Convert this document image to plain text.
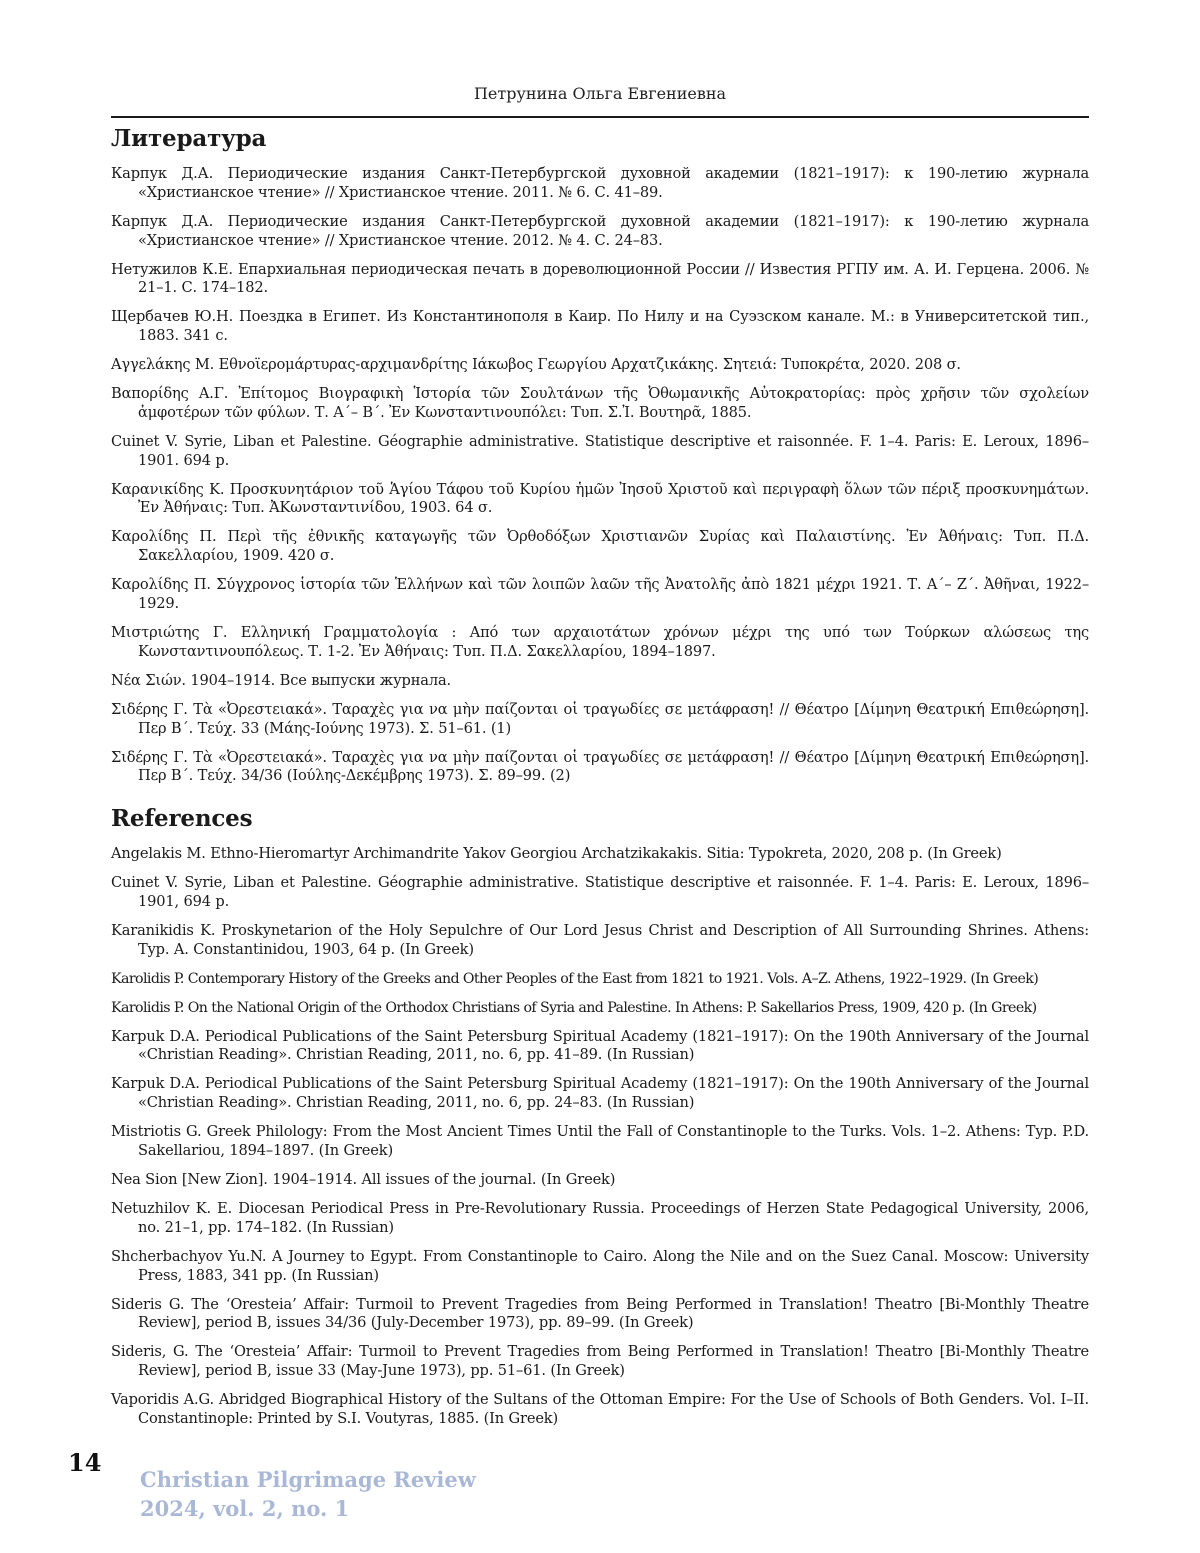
Петрунина Ольга Евгениевна
Литература
Карпук Д.А. Периодические издания Санкт-Петербургской духовной академии (1821–1917): к 190-летию журнала «Христианское чтение» // Христианское чтение. 2011. № 6. С. 41–89.
Карпук Д.А. Периодические издания Санкт-Петербургской духовной академии (1821–1917): к 190-летию журнала «Христианское чтение» // Христианское чтение. 2012. № 4. С. 24–83.
Нетужилов К.Е. Епархиальная периодическая печать в дореволюционной России // Известия РГПУ им. А. И. Герцена. 2006. № 21–1. С. 174–182.
Щербачев Ю.Н. Поездка в Египет. Из Константинополя в Каир. По Нилу и на Суэзском канале. М.: в Университетской тип., 1883. 341 с.
Αγγελάκης Μ. Εθνοϊερομάρτυρας-αρχιμανδρίτης Ιάκωβος Γεωργίου Αρχατζικάκης. Σητειά: Τυποκρέτα, 2020. 208 σ.
Βαπορίδης Α.Γ. Ἐπίτομος Βιογραφικὴ Ἱστορία τῶν Σουλτάνων τῆς Ὀθωμανικῆς Αὐτοκρατορίας: πρὸς χρῆσιν τῶν σχολείων ἀμφοτέρων τῶν φύλων. Τ. Α΄– Β΄. Ἐν Κωνσταντινουπόλει: Τυπ. Σ.Ἰ. Βουτηρᾶ, 1885.
Cuinet V. Syrie, Liban et Palestine. Géographie administrative. Statistique descriptive et raisonnée. F. 1–4. Paris: E. Leroux, 1896–1901. 694 p.
Καρανικίδης Κ. Προσκυνητάριον τοῦ Ἁγίου Τάφου τοῦ Κυρίου ἡμῶν Ἰησοῦ Χριστοῦ καὶ περιγραφὴ ὅλων τῶν πέριξ προσκυνημάτων. Ἐν Ἀθήναις: Τυπ. ἈΚωνσταντινίδου, 1903. 64 σ.
Καρολίδης Π. Περὶ τῆς ἐθνικῆς καταγωγῆς τῶν Ὀρθοδόξων Χριστιανῶν Συρίας καὶ Παλαιστίνης. Ἐν Ἀθήναις: Τυπ. Π.Δ. Σακελλαρίου, 1909. 420 σ.
Καρολίδης Π. Σύγχρονος ἱστορία τῶν Ἑλλήνων καὶ τῶν λοιπῶν λαῶν τῆς Ἀνατολῆς ἀπὸ 1821 μέχρι 1921. Τ. Α΄– Ζ΄. Ἀθῆναι, 1922–1929.
Μιστριώτης Γ. Ελληνική Γραμματολογία : Από των αρχαιοτάτων χρόνων μέχρι της υπό των Τούρκων αλώσεως της Κωνσταντινουπόλεως. Τ. 1-2. Ἐν Ἀθήναις: Τυπ. Π.Δ. Σακελλαρίου, 1894–1897.
Νέα Σιών. 1904–1914. Все выпуски журнала.
Σιδέρης Γ. Τὰ «Ὀρεστειακά». Ταραχὲς για να μὴν παίζονται οἱ τραγωδίες σε μετάφραση! // Θέατρο [Δίμηνη Θεατρική Επιθεώρηση]. Περ Β΄. Τεύχ. 33 (Μάης-Ιούνης 1973). Σ. 51–61. (1)
Σιδέρης Γ. Τὰ «Ὀρεστειακά». Ταραχὲς για να μὴν παίζονται οἱ τραγωδίες σε μετάφραση! // Θέατρο [Δίμηνη Θεατρική Επιθεώρηση]. Περ Β΄. Τεύχ. 34/36 (Ιούλης-Δεκέμβρης 1973). Σ. 89–99. (2)
References
Angelakis M. Ethno-Hieromartyr Archimandrite Yakov Georgiou Archatzikakakis. Sitia: Typokreta, 2020, 208 p. (In Greek)
Cuinet V. Syrie, Liban et Palestine. Géographie administrative. Statistique descriptive et raisonnée. F. 1–4. Paris: E. Leroux, 1896–1901, 694 p.
Karanikidis K. Proskynetarion of the Holy Sepulchre of Our Lord Jesus Christ and Description of All Surrounding Shrines. Athens: Typ. A. Constantinidou, 1903, 64 p. (In Greek)
Karolidis P. Contemporary History of the Greeks and Other Peoples of the East from 1821 to 1921. Vols. A–Z. Athens, 1922–1929. (In Greek)
Karolidis P. On the National Origin of the Orthodox Christians of Syria and Palestine. In Athens: P. Sakellarios Press, 1909, 420 p. (In Greek)
Karpuk D.A. Periodical Publications of the Saint Petersburg Spiritual Academy (1821–1917): On the 190th Anniversary of the Journal «Christian Reading». Christian Reading, 2011, no. 6, pp. 41–89. (In Russian)
Karpuk D.A. Periodical Publications of the Saint Petersburg Spiritual Academy (1821–1917): On the 190th Anniversary of the Journal «Christian Reading». Christian Reading, 2011, no. 6, pp. 24–83. (In Russian)
Mistriotis G. Greek Philology: From the Most Ancient Times Until the Fall of Constantinople to the Turks. Vols. 1–2. Athens: Typ. P.D. Sakellariou, 1894–1897. (In Greek)
Nea Sion [New Zion]. 1904–1914. All issues of the journal. (In Greek)
Netuzhilov K. E. Diocesan Periodical Press in Pre-Revolutionary Russia. Proceedings of Herzen State Pedagogical University, 2006, no. 21–1, pp. 174–182. (In Russian)
Shcherbachyov Yu.N. A Journey to Egypt. From Constantinople to Cairo. Along the Nile and on the Suez Canal. Moscow: University Press, 1883, 341 pp. (In Russian)
Sideris G. The ‘Oresteia’ Affair: Turmoil to Prevent Tragedies from Being Performed in Translation! Theatro [Bi-Monthly Theatre Review], period B, issues 34/36 (July-December 1973), pp. 89–99. (In Greek)
Sideris, G. The ‘Oresteia’ Affair: Turmoil to Prevent Tragedies from Being Performed in Translation! Theatro [Bi-Monthly Theatre Review], period B, issue 33 (May-June 1973), pp. 51–61. (In Greek)
Vaporidis A.G. Abridged Biographical History of the Sultans of the Ottoman Empire: For the Use of Schools of Both Genders. Vol. I–II. Constantinople: Printed by S.I. Voutyras, 1885. (In Greek)
14
Christian Pilgrimage Review
2024, vol. 2, no. 1
